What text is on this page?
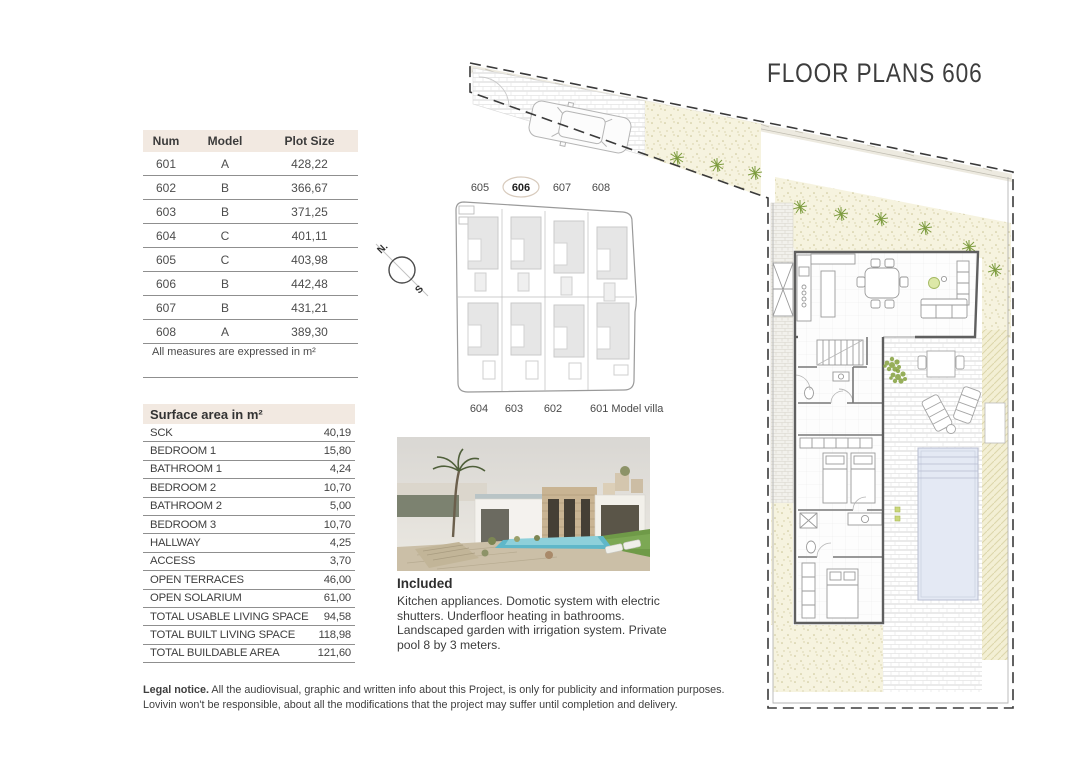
Num	Model	Plot Size
601	A	428,22
602	B	366,67
603	B	371,25
604	C	401,11
605	C	403,98
606	B	442,48
607	B	431,21
608	A	389,30
All measures are expressed in m²
Surface area in m²
SCK	40,19
BEDROOM 1	15,80
BATHROOM 1	4,24
BEDROOM 2	10,70
BATHROOM 2	5,00
BEDROOM 3	10,70
HALLWAY	4,25
ACCESS	3,70
OPEN TERRACES	46,00
OPEN SOLARIUM	61,00
TOTAL USABLE LIVING SPACE 94,58
TOTAL BUILT LIVING SPACE 118,98
TOTAL BUILDABLE AREA	121,60
Legal notice. All the audiovisual, graphic and written info about this Project, is only for publicity and information purposes.
Lovivin won't be responsible, about all the modifications that the project may suffer until completion and delivery.
N.
S
605 606 607 608
604 603 602	601 Model villa
Included
Kitchen appliances. Domotic system with electric shutters. Underfloor heating in bathrooms. Landscaped garden with irrigation system. Private pool 8 by 3 meters.
FLOOR PLANS 606
